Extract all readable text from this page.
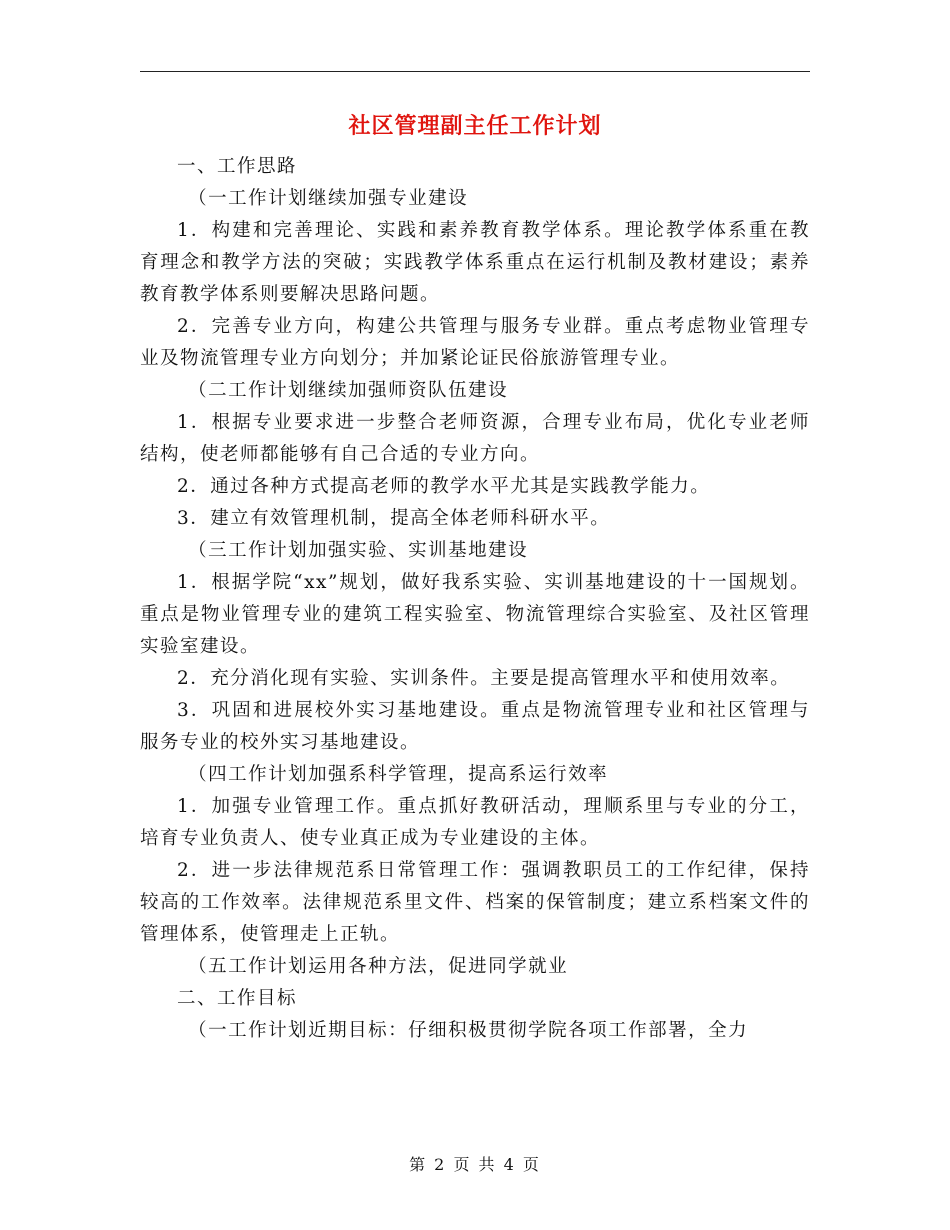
社区管理副主任工作计划

一、工作思路

（一工作计划继续加强专业建设

1．构建和完善理论、实践和素养教育教学体系。理论教学体系重在教育理念和教学方法的突破；实践教学体系重点在运行机制及教材建设；素养教育教学体系则要解决思路问题。

2．完善专业方向，构建公共管理与服务专业群。重点考虑物业管理专业及物流管理专业方向划分；并加紧论证民俗旅游管理专业。

（二工作计划继续加强师资队伍建设

1．根据专业要求进一步整合老师资源，合理专业布局，优化专业老师结构，使老师都能够有自己合适的专业方向。

2．通过各种方式提高老师的教学水平尤其是实践教学能力。

3．建立有效管理机制，提高全体老师科研水平。

（三工作计划加强实验、实训基地建设

1．根据学院“xx”规划，做好我系实验、实训基地建设的十一国规划。重点是物业管理专业的建筑工程实验室、物流管理综合实验室、及社区管理实验室建设。

2．充分消化现有实验、实训条件。主要是提高管理水平和使用效率。

3．巩固和进展校外实习基地建设。重点是物流管理专业和社区管理与服务专业的校外实习基地建设。

（四工作计划加强系科学管理，提高系运行效率

1．加强专业管理工作。重点抓好教研活动，理顺系里与专业的分工，培育专业负责人、使专业真正成为专业建设的主体。

2．进一步法律规范系日常管理工作：强调教职员工的工作纪律，保持较高的工作效率。法律规范系里文件、档案的保管制度；建立系档案文件的管理体系，使管理走上正轨。

（五工作计划运用各种方法，促进同学就业

二、工作目标

（一工作计划近期目标：仔细积极贯彻学院各项工作部署，全力

第 2 页 共 4 页
